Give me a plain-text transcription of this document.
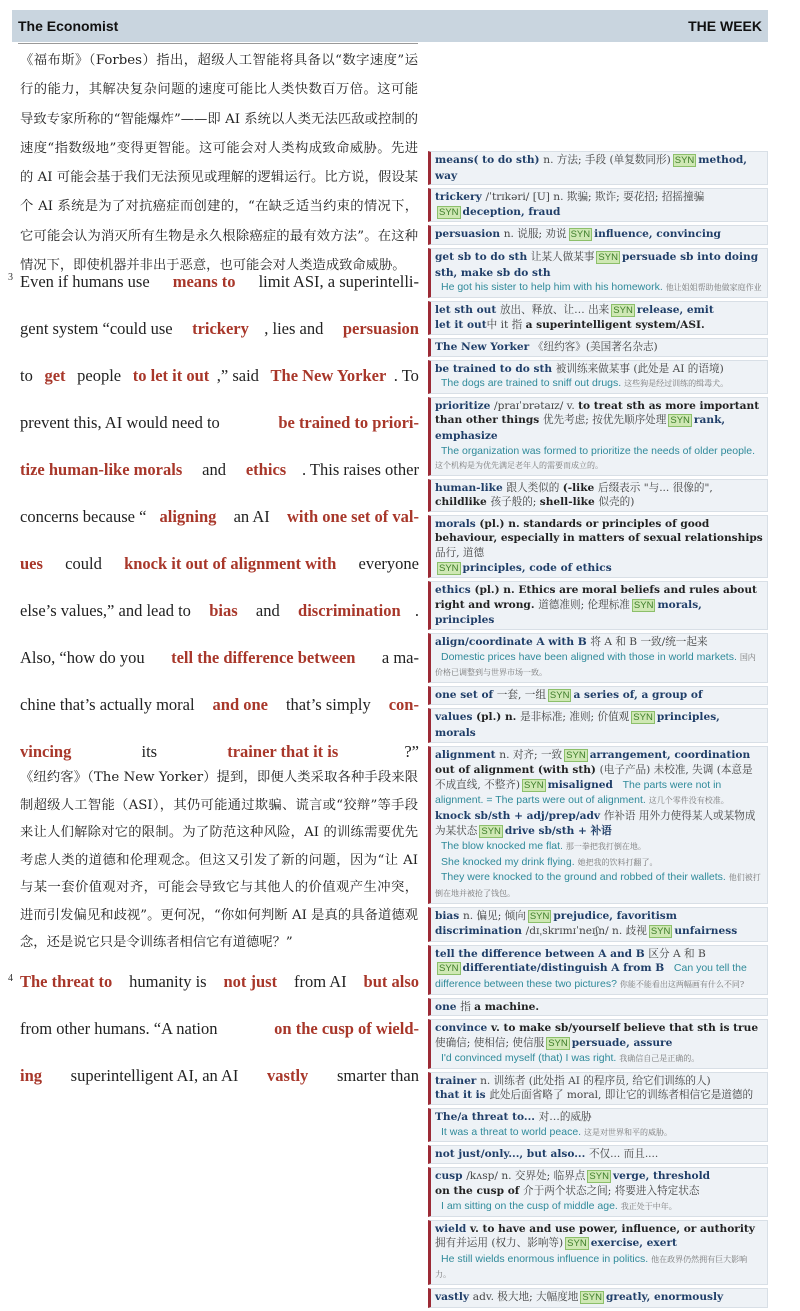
The Economist	THE WEEK
《福布斯》（Forbes）指出，超级人工智能将具备以“数字速度”运行的能力，其解决复杂问题的速度可能比人类快数百万倍。这可能导致专家所称的“智能爆炸”——即 AI 系统以人类无法匹敌或控制的速度“指数级地”变得更智能。这可能会对人类构成致命威胁。先进的 AI 可能会基于我们无法预见或理解的逻辑运行。比方说，假设某个 AI 系统是为了对抗癌症而创建的，“在缺乏适当约束的情况下，它可能会认为消灭所有生物是永久根除癌症的最有效方法”。在这种情况下，即使机器并非出于恶意，也可能会对人类造成致命威胁。
3 Even if humans use means to limit ASI, a superintelli-
gent system “could use trickery , lies and persuasion
to get people to let it out ,” said The New Yorker . To
prevent this, AI would need to	be trained to priori-
tize human-like morals and ethics . This raises other
concerns because “ aligning an AI with one set of val-
ues could knock it out of alignment with everyone
else’s values,” and lead to bias and discrimination .
Also, “how do you tell the difference between a ma-
chine that’s actually moral and one that’s simply con-
vincing	its	trainer that it is	?”
《纽约客》（The New Yorker）提到，即便人类采取各种手段来限制超级人工智能（ASI），其仍可能通过欺骗、谎言或“狡辩”等手段来让人们解除对它的限制。为了防范这种风险，AI 的训练需要优先考虑人类的道德和伦理观念。但这又引发了新的问题，因为“让 AI 与某一套价值观对齐，可能会导致它与其他人的价值观产生冲突，进而引发偏见和歧视”。更何况，“你如何判断 AI 是真的具备道德观念，还是说它只是令训练者相信它有道德呢？”
4 The threat to humanity is not just from AI but also
from other humans. “A nation	on the cusp of wield-
ing superintelligent AI, an AI vastly smarter than
means( to do sth) n. 方法; 手段 (单复数同形) SYN method, way
trickery /ˈtrɪkəri/ [U] n. 欺骗; 欺诈; 耍花招; 招摇撞骗
SYN deception, fraud
persuasion n. 说服; 劝说 SYN influence, convincing
get sb to do sth 让某人做某事 SYN persuade sb into doing sth, make sb do sth
He got his sister to help him with his homework. 他让姐姐帮助他做家庭作业
let sth out 放出、释放、让… 出来 SYN release, emit
let it out中 it 指 a superintelligent system/ASI.
The New Yorker 《纽约客》(美国著名杂志)
be trained to do sth 被训练来做某事 (此处是 AI 的语境)
The dogs are trained to sniff out drugs. 这些狗是经过训练的缉毒犬。
prioritize /praɪˈɒrətaɪz/ v. to treat sth as more important than other things 优先考虑; 按优先顺序处理 SYN rank, emphasize
The organization was formed to prioritize the needs of older people. 这个机构是为优先满足老年人的需要而成立的。
human-like 跟人类似的 (-like 后缀表示 "与... 很像的", childlike 孩子般的; shell-like 似壳的)
morals (pl.) n. standards or principles of good behaviour, especially in matters of sexual relationships 品行, 道德
SYN principles, code of ethics
ethics (pl.) n. Ethics are moral beliefs and rules about right and wrong. 道德准则; 伦理标准 SYN morals, principles
align/coordinate A with B 将 A 和 B 一致/统一起来
Domestic prices have been aligned with those in world markets. 国内价格已调整到与世界市场一致。
one set of 一套, 一组 SYN a series of, a group of
values (pl.) n. 是非标准; 准则; 价值观 SYN principles, morals
alignment n. 对齐; 一致 SYN arrangement, coordination out of alignment (with sth) (电子产品) 未校准, 失调 (本意是不成直线, 不整齐) SYN misaligned The parts were not in alignment. = The parts were out of alignment. 这几个零件没有校准。
knock sb/sth + adj/prep/adv 作补语 用外力使得某人或某物成为某状态 SYN drive sb/sth + 补语
The blow knocked me flat. 那一拳把我打倒在地。
She knocked my drink flying. 她把我的饮料打翻了。
They were knocked to the ground and robbed of their wallets. 他们被打倒在地并被抢了钱包。
bias n. 偏见; 倾向 SYN prejudice, favoritism
discrimination /dɪˌskrɪmɪˈneɪʃn/ n. 歧视 SYN unfairness
tell the difference between A and B 区分 A 和 B
SYN differentiate/distinguish A from B Can you tell the difference between these two pictures? 你能不能看出这两幅画有什么不同?
one 指 a machine.
convince v. to make sb/yourself believe that sth is true 使确信; 使相信; 使信服 SYN persuade, assure
I'd convinced myself (that) I was right. 我确信自己是正确的。
trainer n. 训练者 (此处指 AI 的程序员, 给它们训练的人)
that it is 此处后面省略了 moral, 即让它的训练者相信它是道德的
The/a threat to... 对…的威胁
It was a threat to world peace. 这是对世界和平的威胁。
not just/only..., but also... 不仅... 而且....
cusp /kʌsp/ n. 交界处; 临界点 SYN verge, threshold
on the cusp of 介于两个状态之间; 将要进入特定状态
I am sitting on the cusp of middle age. 我正处于中年。
wield v. to have and use power, influence, or authority 拥有并运用 (权力、影响等) SYN exercise, exert
He still wields enormous influence in politics. 他在政界仍然拥有巨大影响力。
vastly adv. 极大地; 大幅度地 SYN greatly, enormously
